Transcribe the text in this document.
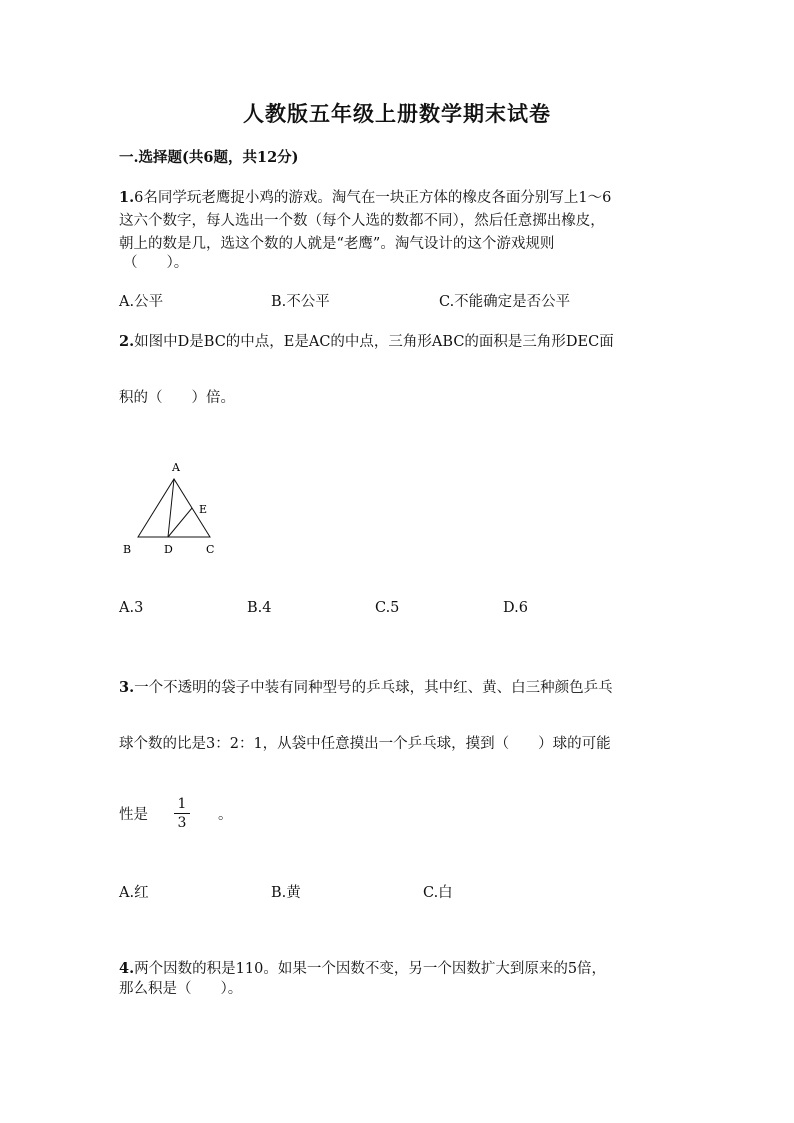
人教版五年级上册数学期末试卷
一.选择题(共6题，共12分)
1.6名同学玩老鹰捉小鸡的游戏。淘气在一块正方体的橡皮各面分别写上1～6
这六个数字，每人选出一个数（每个人选的数都不同），然后任意掷出橡皮，
朝上的数是几，选这个数的人就是“老鹰”。淘气设计的这个游戏规则
（　　）。
A.公平	B.不公平	C.不能确定是否公平
2.如图中D是BC的中点，E是AC的中点，三角形ABC的面积是三角形DEC面
积的（　　）倍。
A
E
B	D	C
A.3	B.4	C.5	D.6
3.一个不透明的袋子中装有同种型号的乒乓球，其中红、黄、白三种颜色乒乓
球个数的比是3：2：1，从袋中任意摸出一个乒乓球，摸到（　　）球的可能
性是
1
3 。
A.红	B.黄	C.白
4.两个因数的积是110。如果一个因数不变，另一个因数扩大到原来的5倍，
那么积是（　　）。
